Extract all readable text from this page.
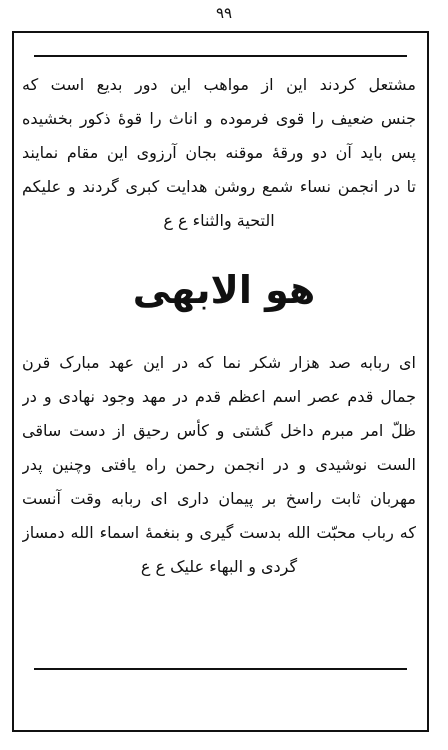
۹۹
مشتعل کردند این از مواهب این دور بدیع است که
جنس ضعیف را قوی فرموده و اناث را قوهٔ ذکور بخشیده
پس باید آن دو ورقهٔ موقنه بجان آرزوی این مقام نمایند
تا در انجمن نساء شمع روشن هدایت کبری گردند و علیکم
التحیة والثناء ع ع
هو الابهی
ای ربابه صد هزار شکر نما که در این عهد مبارک قرن
جمال قدم عصر اسم اعظم قدم در مهد وجود نهادی و در
ظلّ امر مبرم داخل گشتی و کأس رحیق از دست ساقی
الست نوشیدی و در انجمن رحمن راه یافتی وچنین پدر
مهربان ثابت راسخ بر پیمان داری ای ربابه وقت آنست
که رباب محبّت الله بدست گیری و بنغمهٔ اسماء الله دمساز
گردی و البهاء علیک ع ع
